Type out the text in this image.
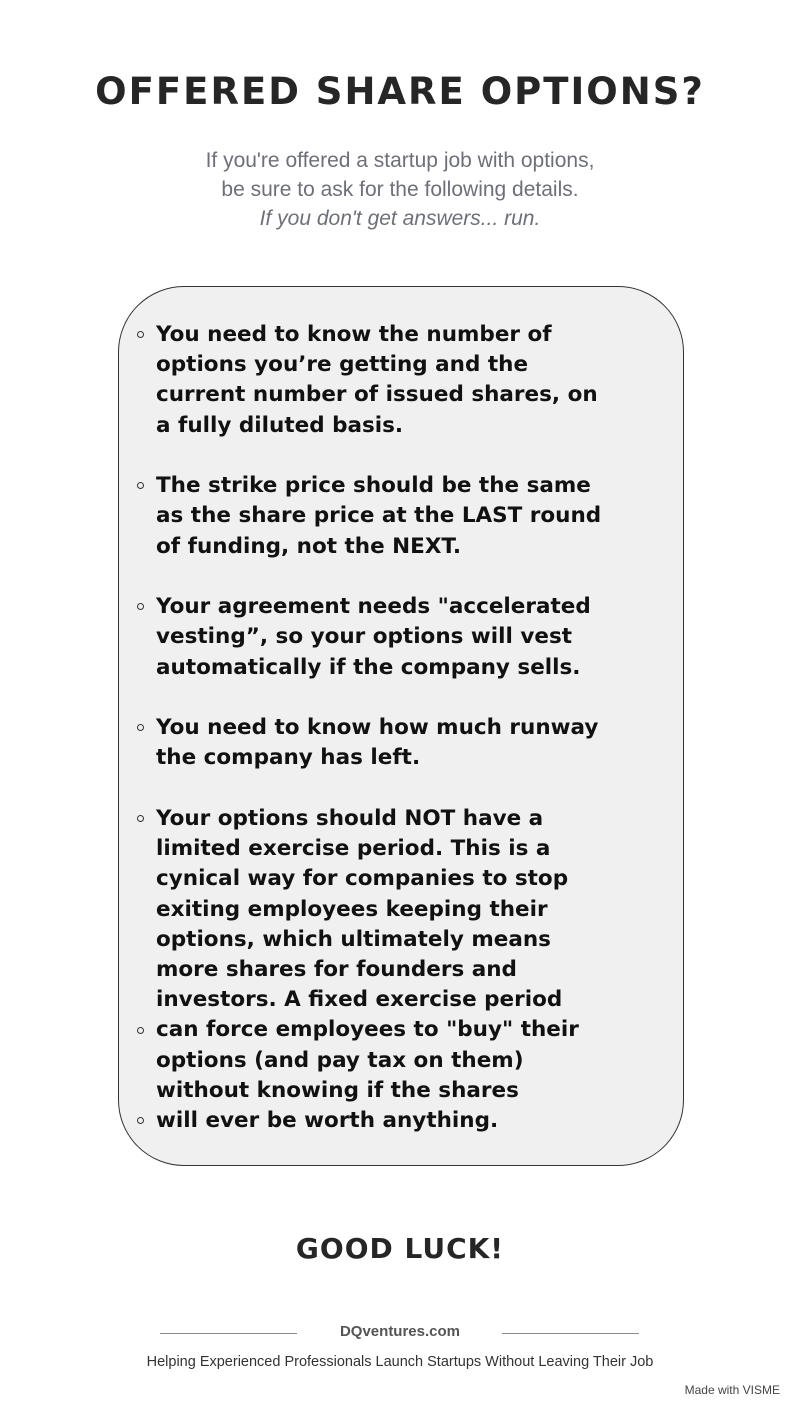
OFFERED SHARE OPTIONS?
If you're offered a startup job with options,
be sure to ask for the following details.
If you don't get answers... run.
You need to know the number of
options you’re getting and the
current number of issued shares, on
a fully diluted basis.
The strike price should be the same
as the share price at the LAST round
of funding, not the NEXT.
Your agreement needs "accelerated
vesting”, so your options will vest
automatically if the company sells.
You need to know how much runway
the company has left.
Your options should NOT have a
limited exercise period. This is a
cynical way for companies to stop
exiting employees keeping their
options, which ultimately means
more shares for founders and
investors. A fixed exercise period
can force employees to "buy" their
options (and pay tax on them)
without knowing if the shares
will ever be worth anything.
GOOD LUCK!
DQventures.com
Helping Experienced Professionals Launch Startups Without Leaving Their Job
Made with VISME
